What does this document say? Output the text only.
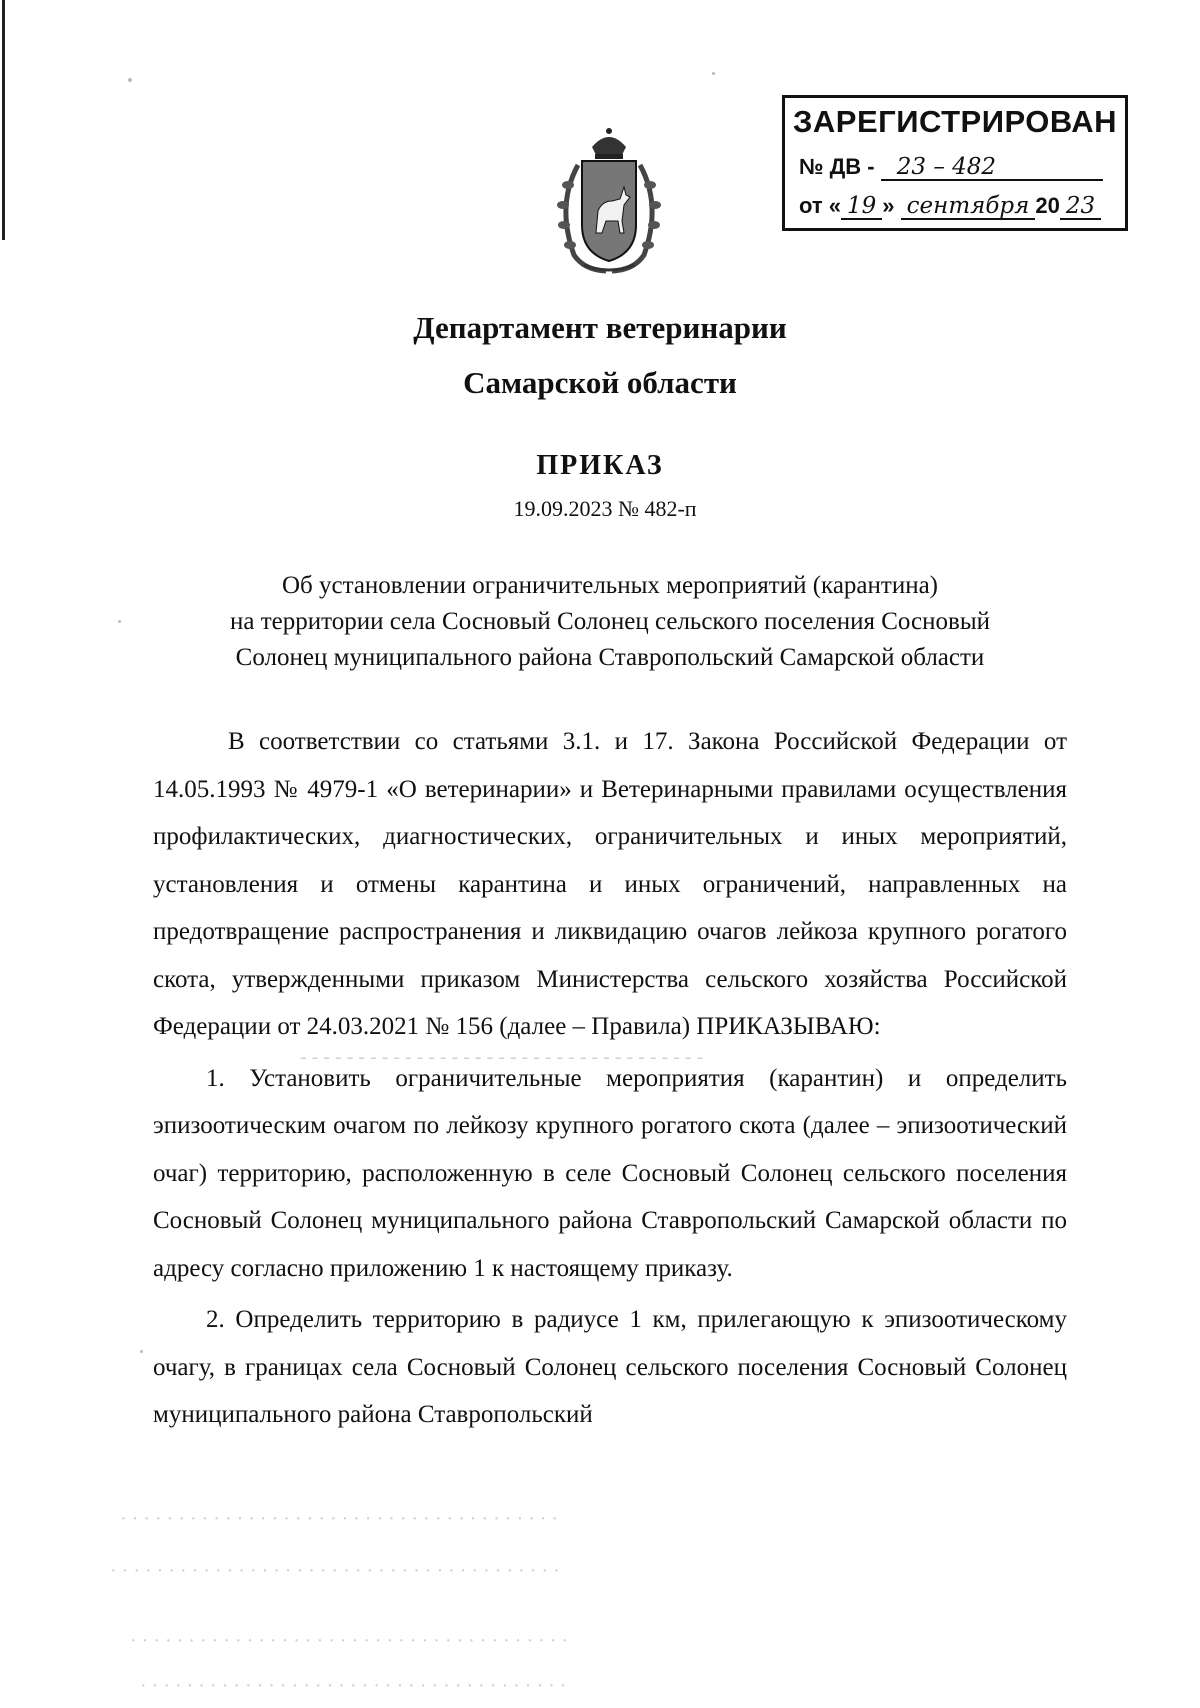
ЗАРЕГИСТРИРОВАН
№ ДВ - 23 – 482
от « 19 » сентября 20 23
Департамент ветеринарии
Самарской области
ПРИКАЗ
19.09.2023 № 482-п
Об установлении ограничительных мероприятий (карантина)
на территории села Сосновый Солонец сельского поселения Сосновый
Солонец муниципального района Ставропольский Самарской области
В соответствии со статьями 3.1. и 17. Закона Российской Федерации от 14.05.1993 № 4979-1 «О ветеринарии» и Ветеринарными правилами осуществления профилактических, диагностических, ограничительных и иных мероприятий, установления и отмены карантина и иных ограничений, направленных на предотвращение распространения и ликвидацию очагов лейкоза крупного рогатого скота, утвержденными приказом Министерства сельского хозяйства Российской Федерации от 24.03.2021 № 156 (далее – Правила) ПРИКАЗЫВАЮ:
1. Установить ограничительные мероприятия (карантин) и определить эпизоотическим очагом по лейкозу крупного рогатого скота (далее – эпизоотический очаг) территорию, расположенную в селе Сосновый Солонец сельского поселения Сосновый Солонец муниципального района Ставропольский Самарской области по адресу согласно приложению 1 к настоящему приказу.
2. Определить территорию в радиусе 1 км, прилегающую к эпизоотическому очагу, в границах села Сосновый Солонец сельского поселения Сосновый Солонец муниципального района Ставропольский
- - - - - - - - - - - - - - - - - - - - - - - - - - - - - - - - - - -
· · · · · · · · · · · · · · · · · · · · · · · · · · · · · · · · · · · · · ·
· · · · · · · · · · · · · · · · · · · · · · · · · · · · · · · · · · · · · · ·
· · · · · · · · · · · · · · · · · · · · · · · · · · · · · · · · · · · · · ·
· · · · · · · · · · · · · · · · · · · · · · · · · · · · · · · · · · · · ·
